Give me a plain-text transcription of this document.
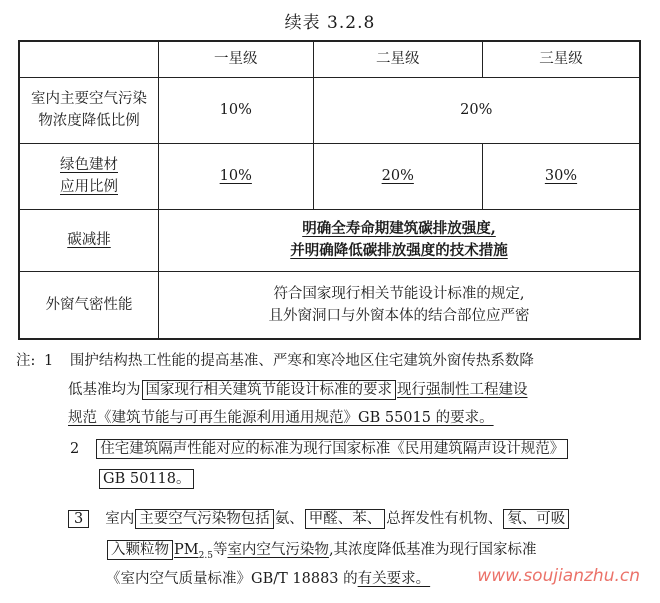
续表 3.2.8
	一星级	二星级	三星级

室内主要空气污染
物浓度降低比例	10%	20%	

绿色建材
应用比例	10%	20%	30%
碳减排	明确全寿命期建筑碳排放强度,
并明确降低碳排放强度的技术措施		

外窗气密性能	符合国家现行相关节能设计标准的规定,
且外窗洞口与外窗本体的结合部位应严密		
注: 1 围护结构热工性能的提高基准、严寒和寒冷地区住宅建筑外窗传热系数降
低基准均为 国家现行相关建筑节能设计标准的要求 现行强制性工程建设
规范《建筑节能与可再生能源利用通用规范》GB 55015 的要求。
2 住宅建筑隔声性能对应的标准为现行国家标准《民用建筑隔声设计规范》
GB 50118。
3 室内 主要空气污染物包括 氨、 甲醛、苯、 总挥发性有机物、 氡、可吸
入颗粒物 $PM_{2.5}$等室内空气污染物,其浓度降低基准为现行国家标准
《室内空气质量标准》GB/T 18883 的有关要求。	www.soujianzhu.cn
